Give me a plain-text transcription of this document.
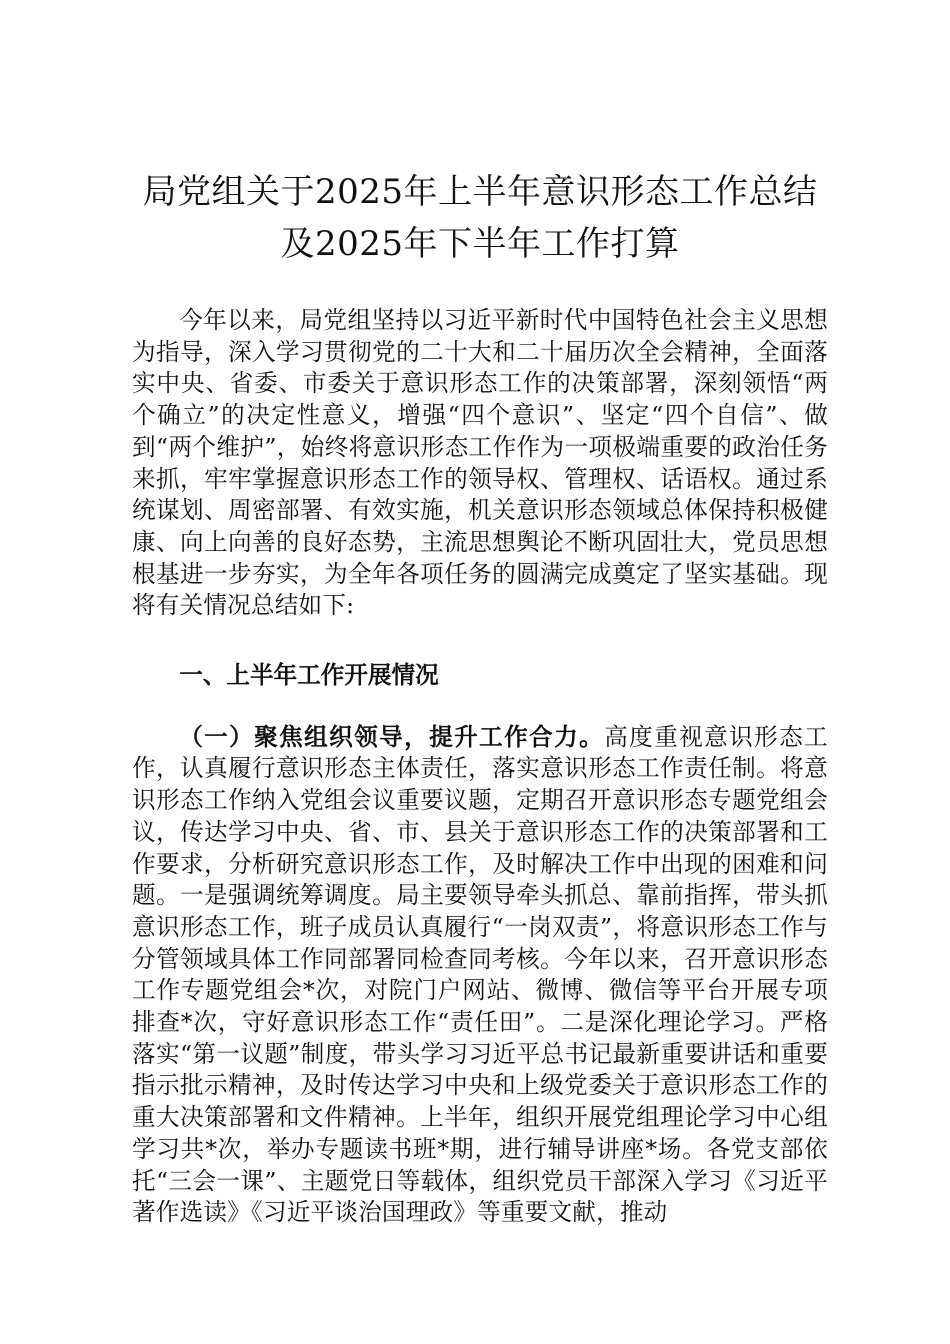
局党组关于2025年上半年意识形态工作总结
及2025年下半年工作打算

今年以来，局党组坚持以习近平新时代中国特色社会主义思想为指导，深入学习贯彻党的二十大和二十届历次全会精神，全面落实中央、省委、市委关于意识形态工作的决策部署，深刻领悟“两个确立”的决定性意义，增强“四个意识”、坚定“四个自信”、做到“两个维护”，始终将意识形态工作作为一项极端重要的政治任务来抓，牢牢掌握意识形态工作的领导权、管理权、话语权。通过系统谋划、周密部署、有效实施，机关意识形态领域总体保持积极健康、向上向善的良好态势，主流思想舆论不断巩固壮大，党员思想根基进一步夯实，为全年各项任务的圆满完成奠定了坚实基础。现将有关情况总结如下:

一、上半年工作开展情况

（一）聚焦组织领导，提升工作合力。高度重视意识形态工作，认真履行意识形态主体责任，落实意识形态工作责任制。将意识形态工作纳入党组会议重要议题，定期召开意识形态专题党组会议，传达学习中央、省、市、县关于意识形态工作的决策部署和工作要求，分析研究意识形态工作，及时解决工作中出现的困难和问题。一是强调统筹调度。局主要领导牵头抓总、靠前指挥，带头抓意识形态工作，班子成员认真履行“一岗双责”，将意识形态工作与分管领域具体工作同部署同检查同考核。今年以来，召开意识形态工作专题党组会*次，对院门户网站、微博、微信等平台开展专项排查*次，守好意识形态工作“责任田”。二是深化理论学习。严格落实“第一议题”制度，带头学习习近平总书记最新重要讲话和重要指示批示精神，及时传达学习中央和上级党委关于意识形态工作的重大决策部署和文件精神。上半年，组织开展党组理论学习中心组学习共*次，举办专题读书班*期，进行辅导讲座*场。各党支部依托“三会一课”、主题党日等载体，组织党员干部深入学习《习近平著作选读》《习近平谈治国理政》等重要文献，推动
